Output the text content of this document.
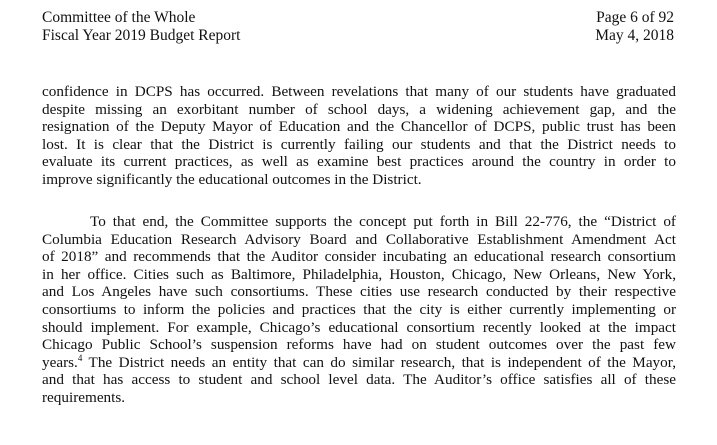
Committee of the Whole
Fiscal Year 2019 Budget Report
Page 6 of 92
May 4, 2018
confidence in DCPS has occurred. Between revelations that many of our students have graduated
despite missing an exorbitant number of school days, a widening achievement gap, and the
resignation of the Deputy Mayor of Education and the Chancellor of DCPS, public trust has been
lost. It is clear that the District is currently failing our students and that the District needs to
evaluate its current practices, as well as examine best practices around the country in order to
improve significantly the educational outcomes in the District.
To that end, the Committee supports the concept put forth in Bill 22-776, the “District of
Columbia Education Research Advisory Board and Collaborative Establishment Amendment Act
of 2018” and recommends that the Auditor consider incubating an educational research consortium
in her office. Cities such as Baltimore, Philadelphia, Houston, Chicago, New Orleans, New York,
and Los Angeles have such consortiums. These cities use research conducted by their respective
consortiums to inform the policies and practices that the city is either currently implementing or
should implement. For example, Chicago’s educational consortium recently looked at the impact
Chicago Public School’s suspension reforms have had on student outcomes over the past few
years.$^4$ The District needs an entity that can do similar research, that is independent of the Mayor,
and that has access to student and school level data. The Auditor’s office satisfies all of these
requirements.
